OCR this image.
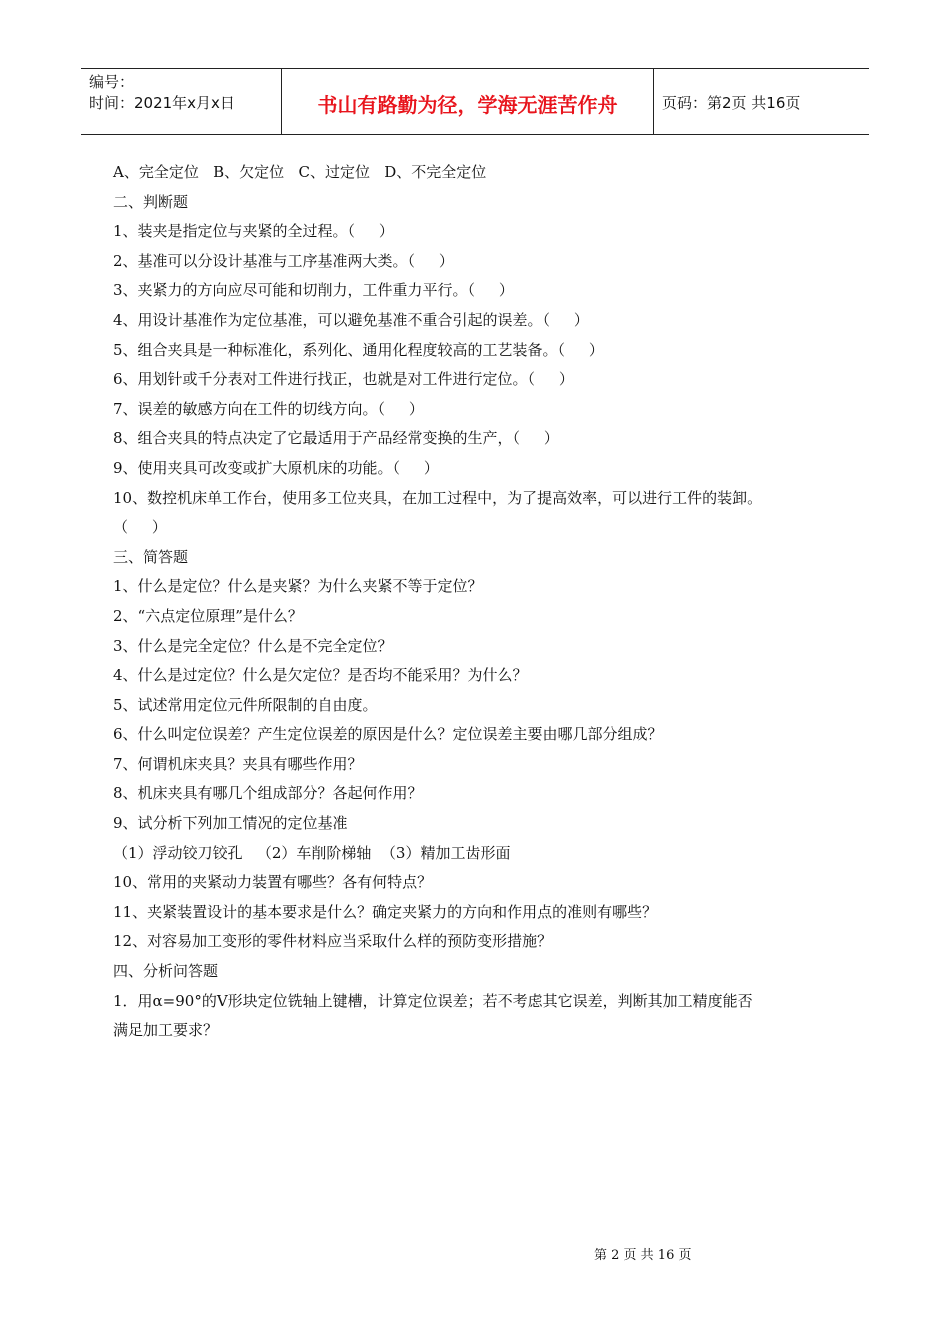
编号：
时间：2021年x月x日	书山有路勤为径，学海无涯苦作舟	页码：第2页 共16页
A、完全定位   B、欠定位   C、过定位   D、不完全定位
二、判断题
1、装夹是指定位与夹紧的全过程。（     ）
2、基准可以分设计基准与工序基准两大类。（     ）
3、夹紧力的方向应尽可能和切削力，工件重力平行。（     ）
4、用设计基准作为定位基准，可以避免基准不重合引起的误差。（     ）
5、组合夹具是一种标准化，系列化、通用化程度较高的工艺装备。（     ）
6、用划针或千分表对工件进行找正，也就是对工件进行定位。（     ）
7、误差的敏感方向在工件的切线方向。（     ）
8、组合夹具的特点决定了它最适用于产品经常变换的生产，（     ）
9、使用夹具可改变或扩大原机床的功能。（     ）
10、数控机床单工作台，使用多工位夹具，在加工过程中，为了提高效率，可以进行工件的装卸。
（     ）
三、简答题
1、什么是定位？什么是夹紧？为什么夹紧不等于定位？
2、“六点定位原理”是什么？
3、什么是完全定位？什么是不完全定位？
4、什么是过定位？什么是欠定位？是否均不能采用？为什么？
5、试述常用定位元件所限制的自由度。
6、什么叫定位误差？产生定位误差的原因是什么？定位误差主要由哪几部分组成？
7、何谓机床夹具？夹具有哪些作用？
8、机床夹具有哪几个组成部分？各起何作用？
9、试分析下列加工情况的定位基准
（1）浮动铰刀铰孔   （2）车削阶梯轴  （3）精加工齿形面
10、常用的夹紧动力装置有哪些？各有何特点？
11、夹紧装置设计的基本要求是什么？确定夹紧力的方向和作用点的准则有哪些？
12、对容易加工变形的零件材料应当采取什么样的预防变形措施？
四、分析问答题
1．用α=90°的V形块定位铣轴上键槽，计算定位误差；若不考虑其它误差，判断其加工精度能否
满足加工要求？
第 2 页 共 16 页
